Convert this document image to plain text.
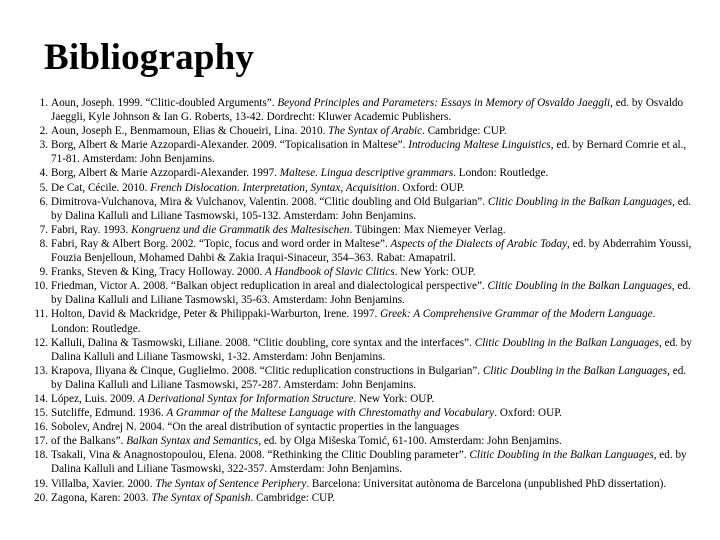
Bibliography
1. Aoun, Joseph. 1999. “Clitic-doubled Arguments”. Beyond Principles and Parameters: Essays in Memory of Osvaldo Jaeggli, ed. by Osvaldo Jaeggli, Kyle Johnson & Ian G. Roberts, 13-42. Dordrecht: Kluwer Academic Publishers.
2. Aoun, Joseph E., Benmamoun, Elias & Choueiri, Lina. 2010. The Syntax of Arabic. Cambridge: CUP.
3. Borg, Albert & Marie Azzopardi-Alexander. 2009. “Topicalisation in Maltese”. Introducing Maltese Linguistics, ed. by Bernard Comrie et al., 71-81. Amsterdam: John Benjamins.
4. Borg, Albert & Marie Azzopardi-Alexander. 1997. Maltese. Lingua descriptive grammars. London: Routledge.
5. De Cat, Cécile. 2010. French Dislocation. Interpretation, Syntax, Acquisition. Oxford: OUP.
6. Dimitrova-Vulchanova, Mira & Vulchanov, Valentin. 2008. “Clitic doubling and Old Bulgarian”. Clitic Doubling in the Balkan Languages, ed. by Dalina Kalluli and Liliane Tasmowski, 105-132. Amsterdam: John Benjamins.
7. Fabri, Ray. 1993. Kongruenz und die Grammatik des Maltesischen. Tübingen: Max Niemeyer Verlag.
8. Fabri, Ray & Albert Borg. 2002. “Topic, focus and word order in Maltese”. Aspects of the Dialects of Arabic Today, ed. by Abderrahim Youssi, Fouzia Benjelloun, Mohamed Dahbi & Zakia Iraqui-Sinaceur, 354–363. Rabat: Amapatril.
9. Franks, Steven & King, Tracy Holloway. 2000. A Handbook of Slavic Clitics. New York: OUP.
10. Friedman, Victor A. 2008. “Balkan object reduplication in areal and dialectological perspective”. Clitic Doubling in the Balkan Languages, ed. by Dalina Kalluli and Liliane Tasmowski, 35-63. Amsterdam: John Benjamins.
11. Holton, David & Mackridge, Peter & Philippaki-Warburton, Irene. 1997. Greek: A Comprehensive Grammar of the Modern Language. London: Routledge.
12. Kalluli, Dalina & Tasmowski, Liliane. 2008. “Clitic doubling, core syntax and the interfaces”. Clitic Doubling in the Balkan Languages, ed. by Dalina Kalluli and Liliane Tasmowski, 1-32. Amsterdam: John Benjamins.
13. Krapova, Iliyana & Cinque, Guglielmo. 2008. “Clitic reduplication constructions in Bulgarian”. Clitic Doubling in the Balkan Languages, ed. by Dalina Kalluli and Liliane Tasmowski, 257-287. Amsterdam: John Benjamins.
14. López, Luis. 2009. A Derivational Syntax for Information Structure. New York: OUP.
15. Sutcliffe, Edmund. 1936. A Grammar of the Maltese Language with Chrestomathy and Vocabulary. Oxford: OUP.
16. Sobolev, Andrej N. 2004. “On the areal distribution of syntactic properties in the languages
17. of the Balkans”. Balkan Syntax and Semantics, ed. by Olga Mišeska Tomić, 61-100. Amsterdam: John Benjamins.
18. Tsakali, Vina & Anagnostopoulou, Elena. 2008. “Rethinking the Clitic Doubling parameter”. Clitic Doubling in the Balkan Languages, ed. by Dalina Kalluli and Liliane Tasmowski, 322-357. Amsterdam: John Benjamins.
19. Villalba, Xavier. 2000. The Syntax of Sentence Periphery. Barcelona: Universitat autònoma de Barcelona (unpublished PhD dissertation).
20. Zagona, Karen: 2003. The Syntax of Spanish. Cambridge: CUP.
